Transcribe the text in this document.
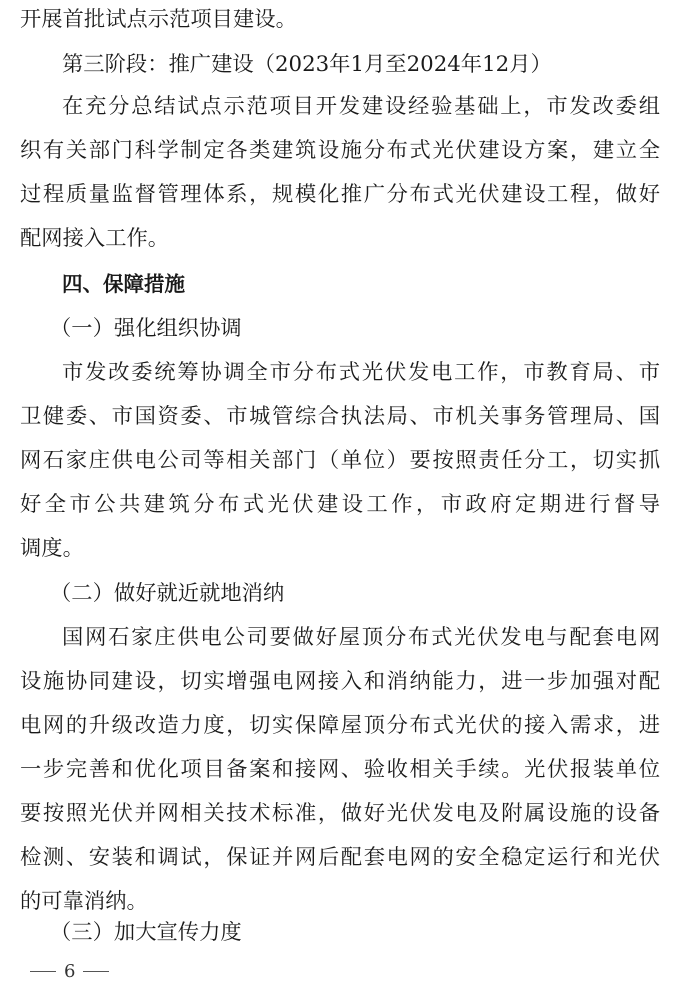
开展首批试点示范项目建设。
第三阶段：推广建设（2023年1月至2024年12月）
在充分总结试点示范项目开发建设经验基础上，市发改委组
织有关部门科学制定各类建筑设施分布式光伏建设方案，建立全
过程质量监督管理体系，规模化推广分布式光伏建设工程，做好
配网接入工作。
四、保障措施
（一）强化组织协调
市发改委统筹协调全市分布式光伏发电工作，市教育局、市
卫健委、市国资委、市城管综合执法局、市机关事务管理局、国
网石家庄供电公司等相关部门（单位）要按照责任分工，切实抓
好全市公共建筑分布式光伏建设工作，市政府定期进行督导
调度。
（二）做好就近就地消纳
国网石家庄供电公司要做好屋顶分布式光伏发电与配套电网
设施协同建设，切实增强电网接入和消纳能力，进一步加强对配
电网的升级改造力度，切实保障屋顶分布式光伏的接入需求，进
一步完善和优化项目备案和接网、验收相关手续。光伏报装单位
要按照光伏并网相关技术标准，做好光伏发电及附属设施的设备
检测、安装和调试，保证并网后配套电网的安全稳定运行和光伏
的可靠消纳。
（三）加大宣传力度
6
